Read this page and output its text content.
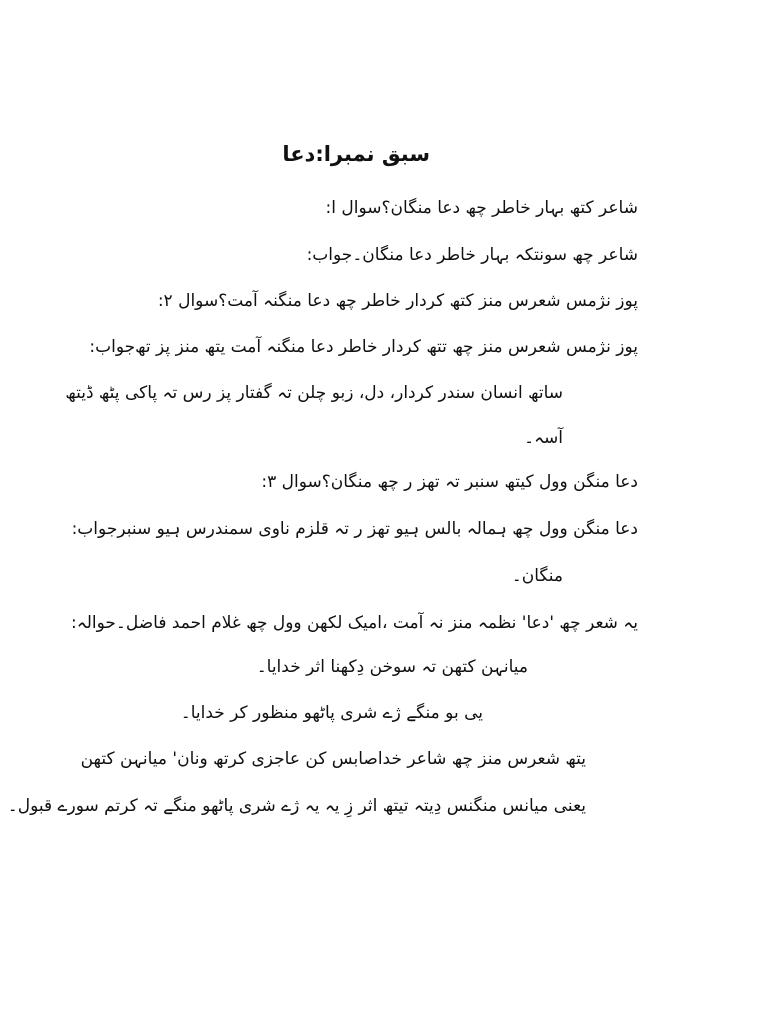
سبق نمبرا:دعا
سوال ا: شاعر کتھ بہار خاطر چھ دعا منگان؟
جواب: شاعر چھ سونتکہ بہار خاطر دعا منگان۔
سوال ۲: پوز نژمس شعرس منز کتھ کردار خاطر چھ دعا منگنہ آمت؟
جواب: پوز نژمس شعرس منز چھ تتھ کردار خاطر دعا منگنہ آمت یتھ منز پز تھ
ساتھ انسان سندر کردار، دل، زبو چلن تہ گفتار پز رس تہ پاکی پٹھ ڈیتھ
آسہ۔
سوال ۳: دعا منگن وول کیتھ سنبر تہ تھز ر چھ منگان؟
جواب: دعا منگن وول چھ ہمالہ بالس ہیو تھز ر تہ قلزم ناوی سمندرس ہیو سنبر
منگان۔
حوالہ: یہ شعر چھ 'دعا' نظمہ منز نہ آمت ،امیک لکھن وول چھ غلام احمد فاضل۔
میانہن کتھن تہ سوخن دِکھنا اثر خدایا۔
یی بو منگے ژے شری پاٹھو منظور کر خدایا۔
یتھ شعرس منز چھ شاعر خداصابس کن عاجزی کرتھ ونان' میانہن کتھن
یعنی میانس منگنس دِیتہ تیتھ اثر زِ یہ یہ ژے شری پاٹھو منگے تہ کرتم سورے قبول۔
